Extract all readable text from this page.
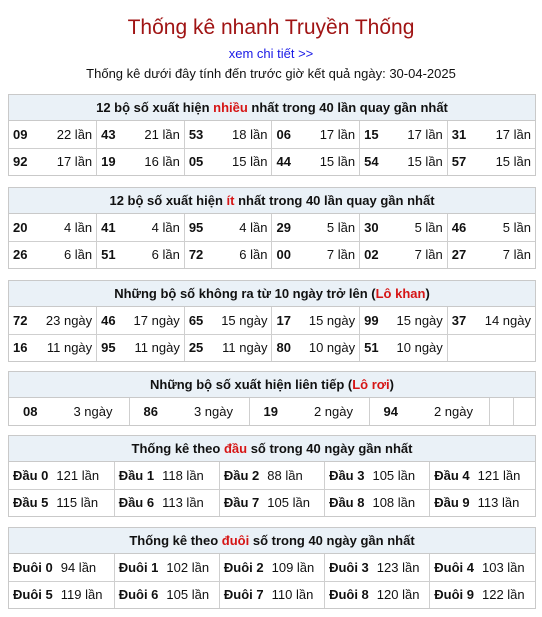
Thống kê nhanh Truyền Thống
xem chi tiết >>
Thống kê dưới đây tính đến trước giờ kết quả ngày: 30-04-2025
12 bộ số xuất hiện nhiều nhất trong 40 lần quay gần nhất
09 22 lần	43 21 lần	53 18 lần	06 17 lần	15 17 lần	31 17 lần

92 17 lần	19 16 lần	05 15 lần	44 15 lần	54 15 lần	57 15 lần
12 bộ số xuất hiện ít nhất trong 40 lần quay gần nhất
20 4 lần	41 4 lần	95 4 lần	29 5 lần	30 5 lần	46 5 lần

26 6 lần	51 6 lần	72 6 lần	00 7 lần	02 7 lần	27 7 lần
Những bộ số không ra từ 10 ngày trở lên (Lô khan)
72 23 ngày	46 17 ngày	65 15 ngày	17 15 ngày	99 15 ngày	37 14 ngày

16 11 ngày	95 11 ngày	25 11 ngày	80 10 ngày	51 10 ngày	

Những bộ số xuất hiện liên tiếp (Lô rơi)
08	3 ngày	86	3 ngày	19	2 ngày	94	2 ngày		
Thống kê theo đầu số trong 40 ngày gần nhất
Đầu 0 121 lần	Đầu 1 118 lần	Đầu 2 88 lần	Đầu 3 105 lần	Đầu 4 121 lần
Đầu 5 115 lần	Đầu 6 113 lần	Đầu 7 105 lần	Đầu 8 108 lần	Đầu 9 113 lần
Thống kê theo đuôi số trong 40 ngày gần nhất
Đuôi 0 94 lần	Đuôi 1 102 lần	Đuôi 2 109 lần	Đuôi 3 123 lần	Đuôi 4 103 lần
Đuôi 5 119 lần	Đuôi 6 105 lần	Đuôi 7 110 lần	Đuôi 8 120 lần	Đuôi 9 122 lần
